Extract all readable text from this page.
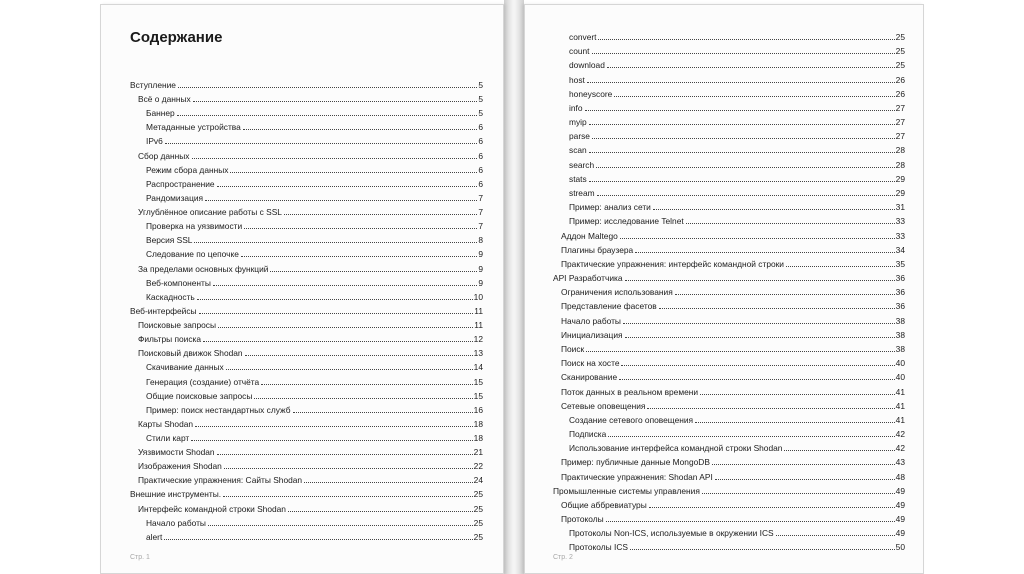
Содержание
Вступление	5
Всё о данных	5
Баннер	5
Метаданные устройства	6
IPv6	6
Сбор данных	6
Режим сбора данных	6
Распространение	6
Рандомизация	7
Углублённое описание работы с SSL	7
Проверка на уязвимости	7
Версия SSL	8
Следование по цепочке	9
За пределами основных функций	9
Веб-компоненты	9
Каскадность	10
Веб-интерфейсы	11
Поисковые запросы	11
Фильтры поиска	12
Поисковый движок Shodan	13
Скачивание данных	14
Генерация (создание) отчёта	15
Общие поисковые запросы	15
Пример: поиск нестандартных служб	16
Карты Shodan	18
Стили карт	18
Уязвимости Shodan	21
Изображения Shodan	22
Практические упражнения: Сайты Shodan	24
Внешние инструменты.	25
Интерфейс командной строки Shodan	25
Начало работы	25
alert	25
Стр. 1
convert	25
count	25
download	25
host	26
honeyscore	26
info	27
myip	27
parse	27
scan	28
search	28
stats	29
stream	29
Пример: анализ сети	31
Пример: исследование Telnet	33
Аддон Maltego	33
Плагины браузера	34
Практические упражнения: интерфейс командной строки	35
API Разработчика	36
Ограничения использования	36
Представление фасетов	36
Начало работы	38
Инициализация	38
Поиск	38
Поиск на хосте	40
Сканирование	40
Поток данных в реальном времени	41
Сетевые оповещения	41
Создание сетевого оповещения	41
Подписка	42
Использование интерфейса командной строки Shodan	42
Пример: публичные данные MongoDB	43
Практические упражнения: Shodan API	48
Промышленные системы управления	49
Общие аббревиатуры	49
Протоколы	49
Протоколы Non-ICS, используемые в окружении ICS	49
Протоколы ICS	50
Стр. 2
